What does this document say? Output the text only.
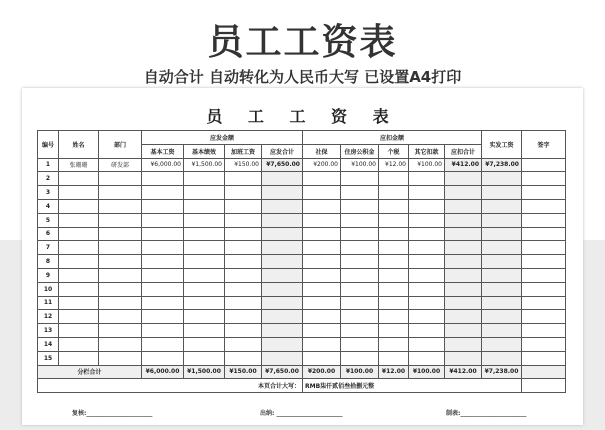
员工工资表
自动合计 自动转化为人民币大写 已设置A4打印
员 工 工 资 表
编号	姓名	部门	应发金额				应扣金额					实发工资	签字
			基本工资	基本绩效	加班工资	应发合计	社保	住房公积金	个税	其它扣款	应扣合计		
1	张珊珊	研发部	¥6,000.00	¥1,500.00	¥150.00	¥7,650.00	¥200.00	¥100.00	¥12.00	¥100.00	¥412.00	¥7,238.00	
2													
3													
4													
5													
6													
7													
8													
9													
10													
11													
12													
13													
14													
15													
分栏合计			¥6,000.00	¥1,500.00	¥150.00	¥7,650.00	¥200.00	¥100.00	¥12.00	¥100.00	¥412.00	¥7,238.00	
本页合计大写：							RMB柒仟贰佰叁拾捌元整						
复核:______________________	出纳: ______________________	制表:______________________
